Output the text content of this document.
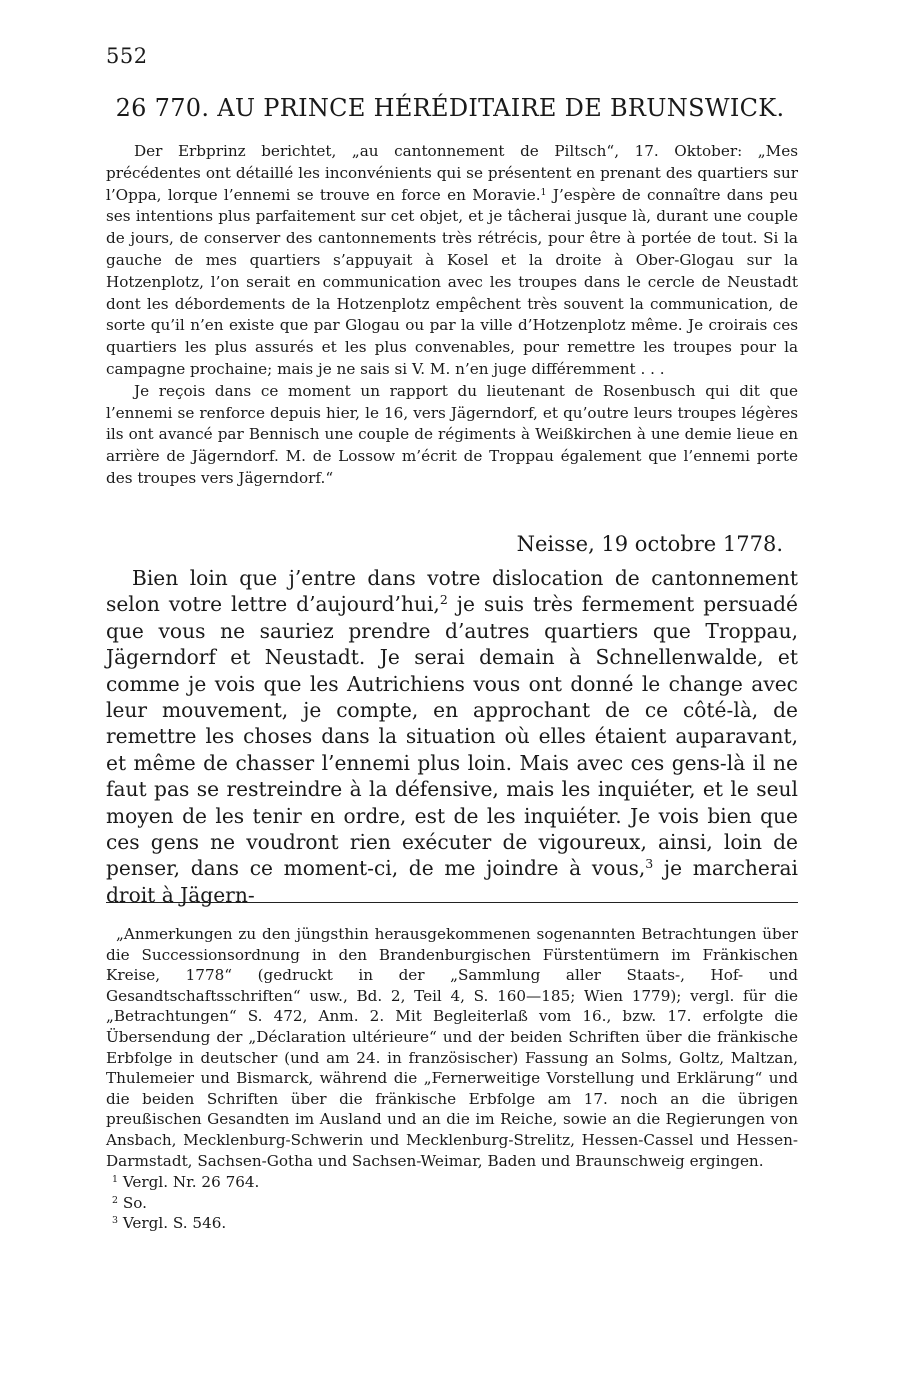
552
26 770. AU PRINCE HÉRÉDITAIRE DE BRUNSWICK.

Der Erbprinz berichtet, „au cantonnement de Piltsch“, 17. Oktober: „Mes précédentes ont détaillé les inconvénients qui se présentent en prenant des quartiers sur l’Oppa, lorque l’ennemi se trouve en force en Moravie.$^1$ J’espère de connaître dans peu ses intentions plus parfaitement sur cet objet, et je tâcherai jusque là, durant une couple de jours, de conserver des cantonnements très rétrécis, pour être à portée de tout. Si la gauche de mes quartiers s’appuyait à Kosel et la droite à Ober-Glogau sur la Hotzenplotz, l’on serait en communication avec les troupes dans le cercle de Neustadt dont les débordements de la Hotzenplotz empêchent très souvent la communication, de sorte qu’il n’en existe que par Glogau ou par la ville d’Hotzenplotz même. Je croirais ces quartiers les plus assurés et les plus convenables, pour remettre les troupes pour la campagne prochaine; mais je ne sais si V. M. n’en juge différemment . . .

Je reçois dans ce moment un rapport du lieutenant de Rosenbusch qui dit que l’ennemi se renforce depuis hier, le 16, vers Jägerndorf, et qu’outre leurs troupes légères ils ont avancé par Bennisch une couple de régiments à Weißkirchen à une demie lieue en arrière de Jägerndorf. M. de Lossow m’écrit de Troppau également que l’ennemi porte des troupes vers Jägerndorf.“

Neisse, 19 octobre 1778.

Bien loin que j’entre dans votre dislocation de cantonnement selon votre lettre d’aujourd’hui,$^2$ je suis très fermement persuadé que vous ne sauriez prendre d’autres quartiers que Troppau, Jägerndorf et Neustadt. Je serai demain à Schnellenwalde, et comme je vois que les Autrichiens vous ont donné le change avec leur mouvement, je compte, en approchant de ce côté-là, de remettre les choses dans la situation où elles étaient auparavant, et même de chasser l’ennemi plus loin. Mais avec ces gens-là il ne faut pas se restreindre à la défensive, mais les inquiéter, et le seul moyen de les tenir en ordre, est de les inquiéter. Je vois bien que ces gens ne voudront rien exécuter de vigoureux, ainsi, loin de penser, dans ce moment-ci, de me joindre à vous,$^3$ je marcherai droit à Jägern-

„Anmerkungen zu den jüngsthin herausgekommenen sogenannten Betrachtungen über die Successionsordnung in den Brandenburgischen Fürstentümern im Fränkischen Kreise, 1778“ (gedruckt in der „Sammlung aller Staats-, Hof- und Gesandtschaftsschriften“ usw., Bd. 2, Teil 4, S. 160—185; Wien 1779); vergl. für die „Betrachtungen“ S. 472, Anm. 2. Mit Begleiterlaß vom 16., bzw. 17. erfolgte die Übersendung der „Déclaration ultérieure“ und der beiden Schriften über die fränkische Erbfolge in deutscher (und am 24. in französischer) Fassung an Solms, Goltz, Maltzan, Thulemeier und Bismarck, während die „Fernerweitige Vorstellung und Erklärung“ und die beiden Schriften über die fränkische Erbfolge am 17. noch an die übrigen preußischen Gesandten im Ausland und an die im Reiche, sowie an die Regierungen von Ansbach, Mecklenburg-Schwerin und Mecklenburg-Strelitz, Hessen-Cassel und Hessen-Darmstadt, Sachsen-Gotha und Sachsen-Weimar, Baden und Braunschweig ergingen.

$^1$ Vergl. Nr. 26 764.

$^2$ So.

$^3$ Vergl. S. 546.
